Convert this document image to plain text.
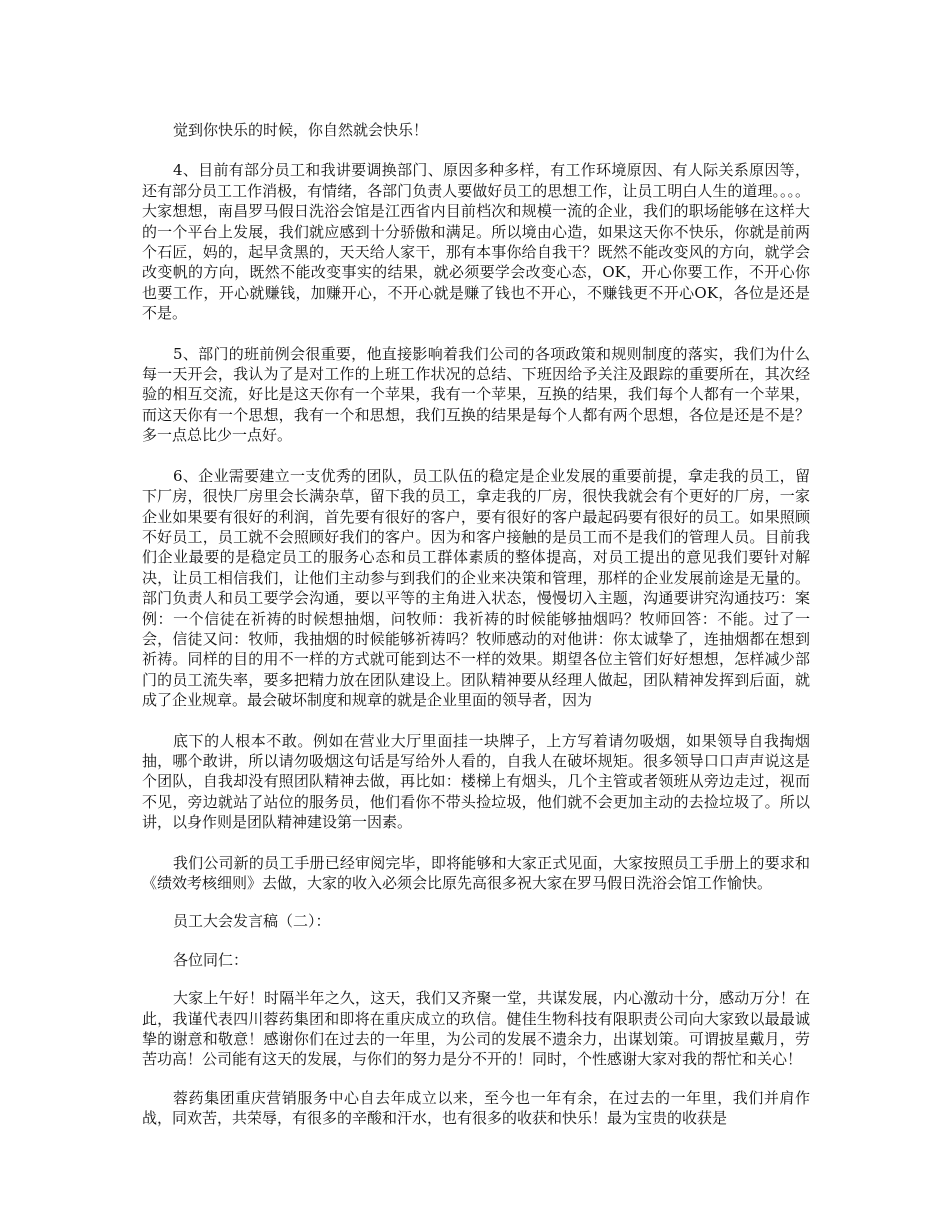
觉到你快乐的时候，你自然就会快乐！

4、目前有部分员工和我讲要调换部门、原因多种多样，有工作环境原因、有人际关系原因等，还有部分员工工作消极，有情绪，各部门负责人要做好员工的思想工作，让员工明白人生的道理。。。。大家想想，南昌罗马假日洗浴会馆是江西省内目前档次和规模一流的企业，我们的职场能够在这样大的一个平台上发展，我们就应感到十分骄傲和满足。所以境由心造，如果这天你不快乐，你就是前两个石匠，妈的，起早贪黑的，天天给人家干，那有本事你给自我干？既然不能改变风的方向，就学会改变帆的方向，既然不能改变事实的结果，就必须要学会改变心态，OK，开心你要工作，不开心你也要工作，开心就赚钱，加赚开心，不开心就是赚了钱也不开心，不赚钱更不开心OK，各位是还是不是。

5、部门的班前例会很重要，他直接影响着我们公司的各项政策和规则制度的落实，我们为什么每一天开会，我认为了是对工作的上班工作状况的总结、下班因给予关注及跟踪的重要所在，其次经验的相互交流，好比是这天你有一个苹果，我有一个苹果，互换的结果，我们每个人都有一个苹果，而这天你有一个思想，我有一个和思想，我们互换的结果是每个人都有两个思想，各位是还是不是？多一点总比少一点好。

6、企业需要建立一支优秀的团队，员工队伍的稳定是企业发展的重要前提，拿走我的员工，留下厂房，很快厂房里会长满杂草，留下我的员工，拿走我的厂房，很快我就会有个更好的厂房，一家企业如果要有很好的利润，首先要有很好的客户，要有很好的客户最起码要有很好的员工。如果照顾不好员工，员工就不会照顾好我们的客户。因为和客户接触的是员工而不是我们的管理人员。目前我们企业最要的是稳定员工的服务心态和员工群体素质的整体提高，对员工提出的意见我们要针对解决，让员工相信我们，让他们主动参与到我们的企业来决策和管理，那样的企业发展前途是无量的。部门负责人和员工要学会沟通，要以平等的主角进入状态，慢慢切入主题，沟通要讲究沟通技巧：案例：一个信徒在祈祷的时候想抽烟，问牧师：我祈祷的时候能够抽烟吗？牧师回答：不能。过了一会，信徒又问：牧师，我抽烟的时候能够祈祷吗？牧师感动的对他讲：你太诚挚了，连抽烟都在想到祈祷。同样的目的用不一样的方式就可能到达不一样的效果。期望各位主管们好好想想，怎样减少部门的员工流失率，要多把精力放在团队建设上。团队精神要从经理人做起，团队精神发挥到后面，就成了企业规章。最会破坏制度和规章的就是企业里面的领导者，因为

底下的人根本不敢。例如在营业大厅里面挂一块牌子，上方写着请勿吸烟，如果领导自我掏烟抽，哪个敢讲，所以请勿吸烟这句话是写给外人看的，自我人在破坏规矩。很多领导口口声声说这是个团队，自我却没有照团队精神去做，再比如：楼梯上有烟头，几个主管或者领班从旁边走过，视而不见，旁边就站了站位的服务员，他们看你不带头捡垃圾，他们就不会更加主动的去捡垃圾了。所以讲，以身作则是团队精神建设第一因素。

我们公司新的员工手册已经审阅完毕，即将能够和大家正式见面，大家按照员工手册上的要求和《绩效考核细则》去做，大家的收入必须会比原先高很多祝大家在罗马假日洗浴会馆工作愉快。

员工大会发言稿（二）：

各位同仁：

大家上午好！时隔半年之久，这天，我们又齐聚一堂，共谋发展，内心激动十分，感动万分！在此，我谨代表四川蓉药集团和即将在重庆成立的玖信。健佳生物科技有限职责公司向大家致以最最诚挚的谢意和敬意！感谢你们在过去的一年里，为公司的发展不遗余力，出谋划策。可谓披星戴月，劳苦功高！公司能有这天的发展，与你们的努力是分不开的！同时，个性感谢大家对我的帮忙和关心！

蓉药集团重庆营销服务中心自去年成立以来，至今也一年有余，在过去的一年里，我们并肩作战，同欢苦，共荣辱，有很多的辛酸和汗水，也有很多的收获和快乐！最为宝贵的收获是
